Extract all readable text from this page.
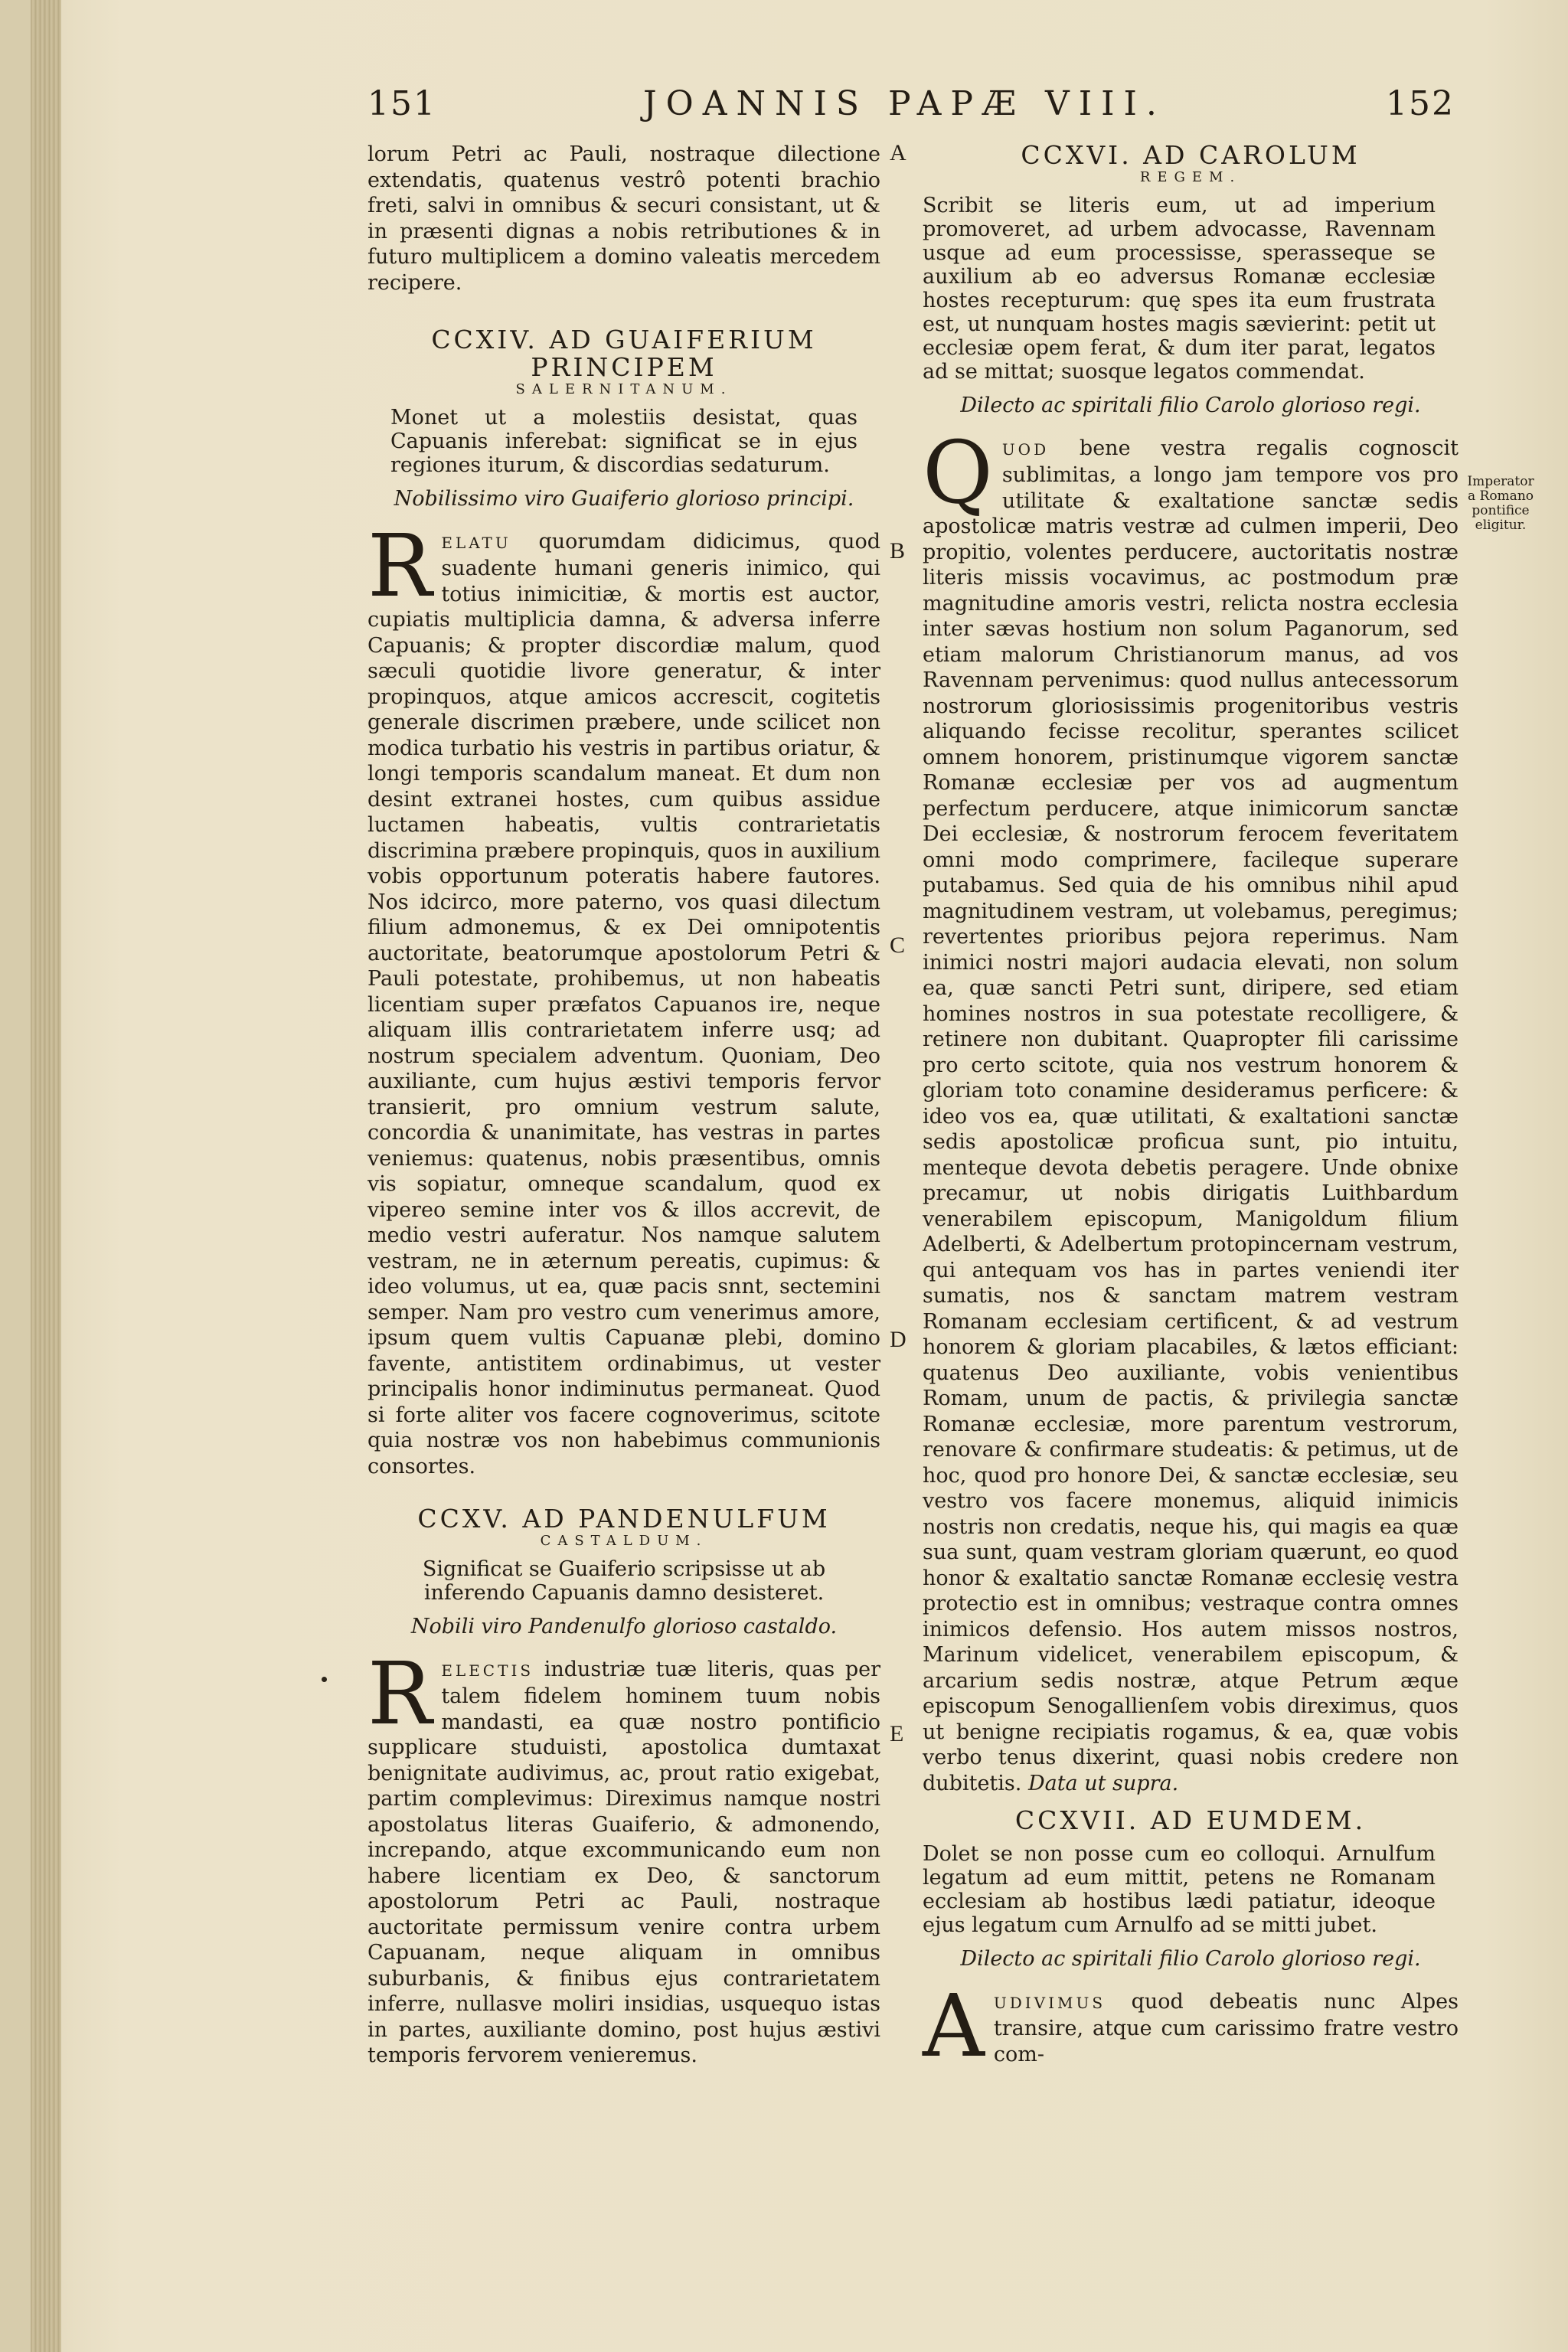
151	JOANNIS PAPÆ VIII.	152

lorum Petri ac Pauli, nostraque dilectione extendatis, quatenus vestrô potenti brachio freti, salvi in omnibus & securi consistant, ut & in præsenti dignas a nobis retributiones & in futuro multiplicem a domino valeatis mercedem recipere.

CCXIV. AD GUAIFERIUM PRINCIPEM

SALERNITANUM.

Monet ut a molestiis desistat, quas Capuanis inferebat: significat se in ejus regiones iturum, & discordias sedaturum.

Nobilissimo viro Guaiferio glorioso principi.

RELATU quorumdam didicimus, quod suadente humani generis inimico, qui totius inimicitiæ, & mortis est auctor, cupiatis multiplicia damna, & adversa inferre Capuanis; & propter discordiæ malum, quod sæculi quotidie livore generatur, & inter propinquos, atque amicos accrescit, cogitetis generale discrimen præbere, unde scilicet non modica turbatio his vestris in partibus oriatur, & longi temporis scandalum maneat. Et dum non desint extranei hostes, cum quibus assidue luctamen habeatis, vultis contrarietatis discrimina præbere propinquis, quos in auxilium vobis opportunum poteratis habere fautores. Nos idcirco, more paterno, vos quasi dilectum filium admonemus, & ex Dei omnipotentis auctoritate, beatorumque apostolorum Petri & Pauli potestate, prohibemus, ut non habeatis licentiam super præfatos Capuanos ire, neque aliquam illis contrarietatem inferre usq; ad nostrum specialem adventum. Quoniam, Deo auxiliante, cum hujus æstivi temporis fervor transierit, pro omnium vestrum salute, concordia & unanimitate, has vestras in partes veniemus: quatenus, nobis præsentibus, omnis vis sopiatur, omneque scandalum, quod ex vipereo semine inter vos & illos accrevit, de medio vestri auferatur. Nos namque salutem vestram, ne in æternum pereatis, cupimus: & ideo volumus, ut ea, quæ pacis snnt, sectemini semper. Nam pro vestro cum venerimus amore, ipsum quem vultis Capuanæ plebi, domino favente, antistitem ordinabimus, ut vester principalis honor indiminutus permaneat. Quod si forte aliter vos facere cognoverimus, scitote quia nostræ vos non habebimus communionis consortes.

CCXV. AD PANDENULFUM

CASTALDUM.

Significat se Guaiferio scripsisse ut ab inferendo Capuanis damno desisteret.

Nobili viro Pandenulfo glorioso castaldo.

RELECTIS industriæ tuæ literis, quas per talem fidelem hominem tuum nobis mandasti, ea quæ nostro pontificio supplicare studuisti, apostolica dumtaxat benignitate audivimus, ac, prout ratio exigebat, partim complevimus: Direximus namque nostri apostolatus literas Guaiferio, & admonendo, increpando, atque excommunicando eum non habere licentiam ex Deo, & sanctorum apostolorum Petri ac Pauli, nostraque auctoritate permissum venire contra urbem Capuanam, neque aliquam in omnibus suburbanis, & finibus ejus contrarietatem inferre, nullasve moliri insidias, usquequo istas in partes, auxiliante domino, post hujus æstivi temporis fervorem venieremus.

A
B
C
D
E

CCXVI. AD CAROLUM

REGEM.

Scribit se literis eum, ut ad imperium promoveret, ad urbem advocasse, Ravennam usque ad eum processisse, sperasseque se auxilium ab eo adversus Romanæ ecclesiæ hostes recepturum: quę spes ita eum frustrata est, ut nunquam hostes magis sævierint: petit ut ecclesiæ opem ferat, & dum iter parat, legatos ad se mittat; suosque legatos commendat.

Dilecto ac spiritali filio Carolo glorioso regi.

QUOD bene vestra regalis cognoscit sublimitas, a longo jam tempore vos pro utilitate & exaltatione sanctæ sedis apostolicæ matris vestræ ad culmen imperii, Deo propitio, volentes perducere, auctoritatis nostræ literis missis vocavimus, ac postmodum præ magnitudine amoris vestri, relicta nostra ecclesia inter sævas hostium non solum Paganorum, sed etiam malorum Christianorum manus, ad vos Ravennam pervenimus: quod nullus antecessorum nostrorum gloriosissimis progenitoribus vestris aliquando fecisse recolitur, sperantes scilicet omnem honorem, pristinumque vigorem sanctæ Romanæ ecclesiæ per vos ad augmentum perfectum perducere, atque inimicorum sanctæ Dei ecclesiæ, & nostrorum ferocem feveritatem omni modo comprimere, facileque superare putabamus. Sed quia de his omnibus nihil apud magnitudinem vestram, ut volebamus, peregimus; revertentes prioribus pejora reperimus. Nam inimici nostri majori audacia elevati, non solum ea, quæ sancti Petri sunt, diripere, sed etiam homines nostros in sua potestate recolligere, & retinere non dubitant. Quapropter fili carissime pro certo scitote, quia nos vestrum honorem & gloriam toto conamine desideramus perficere: & ideo vos ea, quæ utilitati, & exaltationi sanctæ sedis apostolicæ proficua sunt, pio intuitu, menteque devota debetis peragere. Unde obnixe precamur, ut nobis dirigatis Luithbardum venerabilem episcopum, Manigoldum filium Adelberti, & Adelbertum protopincernam vestrum, qui antequam vos has in partes veniendi iter sumatis, nos & sanctam matrem vestram Romanam ecclesiam certificent, & ad vestrum honorem & gloriam placabiles, & lætos efficiant: quatenus Deo auxiliante, vobis venientibus Romam, unum de pactis, & privilegia sanctæ Romanæ ecclesiæ, more parentum vestrorum, renovare & confirmare studeatis: & petimus, ut de hoc, quod pro honore Dei, & sanctæ ecclesiæ, seu vestro vos facere monemus, aliquid inimicis nostris non credatis, neque his, qui magis ea quæ sua sunt, quam vestram gloriam quærunt, eo quod honor & exaltatio sanctæ Romanæ ecclesię vestra protectio est in omnibus; vestraque contra omnes inimicos defensio. Hos autem missos nostros, Marinum videlicet, venerabilem episcopum, & arcarium sedis nostræ, atque Petrum æque episcopum Senogallienſem vobis direximus, quos ut benigne recipiatis rogamus, & ea, quæ vobis verbo tenus dixerint, quasi nobis credere non dubitetis. Data ut supra.

CCXVII. AD EUMDEM.

Dolet se non posse cum eo colloqui. Arnulfum legatum ad eum mittit, petens ne Romanam ecclesiam ab hostibus lædi patiatur, ideoque ejus legatum cum Arnulfo ad se mitti jubet.

Dilecto ac spiritali filio Carolo glorioso regi.

AUDIVIMUS quod debeatis nunc Alpes transire, atque cum carissimo fratre vestro com-

Imperator a Romano pontifice eligitur.
